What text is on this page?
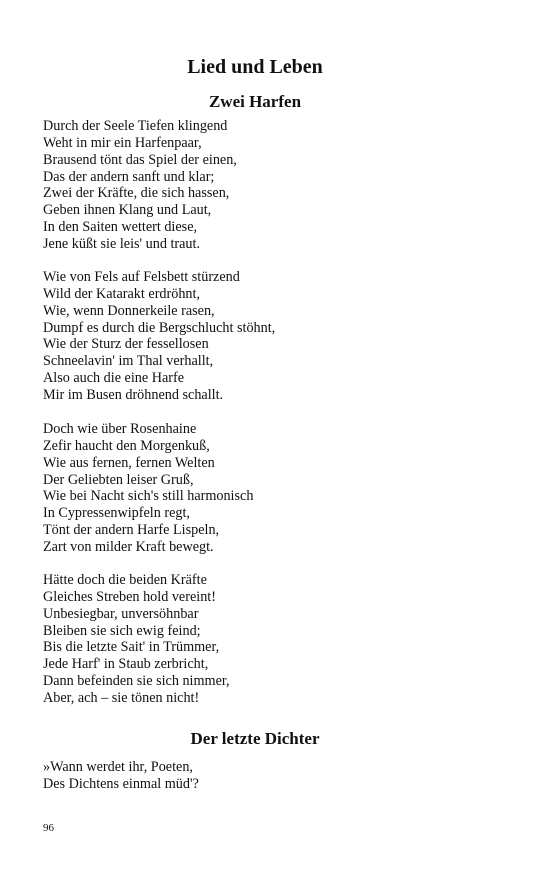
Lied und Leben
Zwei Harfen
Durch der Seele Tiefen klingend
Weht in mir ein Harfenpaar,
Brausend tönt das Spiel der einen,
Das der andern sanft und klar;
Zwei der Kräfte, die sich hassen,
Geben ihnen Klang und Laut,
In den Saiten wettert diese,
Jene küßt sie leis' und traut.
Wie von Fels auf Felsbett stürzend
Wild der Katarakt erdröhnt,
Wie, wenn Donnerkeile rasen,
Dumpf es durch die Bergschlucht stöhnt,
Wie der Sturz der fessellosen
Schneelavin' im Thal verhallt,
Also auch die eine Harfe
Mir im Busen dröhnend schallt.
Doch wie über Rosenhaine
Zefir haucht den Morgenkuß,
Wie aus fernen, fernen Welten
Der Geliebten leiser Gruß,
Wie bei Nacht sich's still harmonisch
In Cypressenwipfeln regt,
Tönt der andern Harfe Lispeln,
Zart von milder Kraft bewegt.
Hätte doch die beiden Kräfte
Gleiches Streben hold vereint!
Unbesiegbar, unversöhnbar
Bleiben sie sich ewig feind;
Bis die letzte Sait' in Trümmer,
Jede Harf' in Staub zerbricht,
Dann befeinden sie sich nimmer,
Aber, ach – sie tönen nicht!
Der letzte Dichter
»Wann werdet ihr, Poeten,
Des Dichtens einmal müd'?

96
